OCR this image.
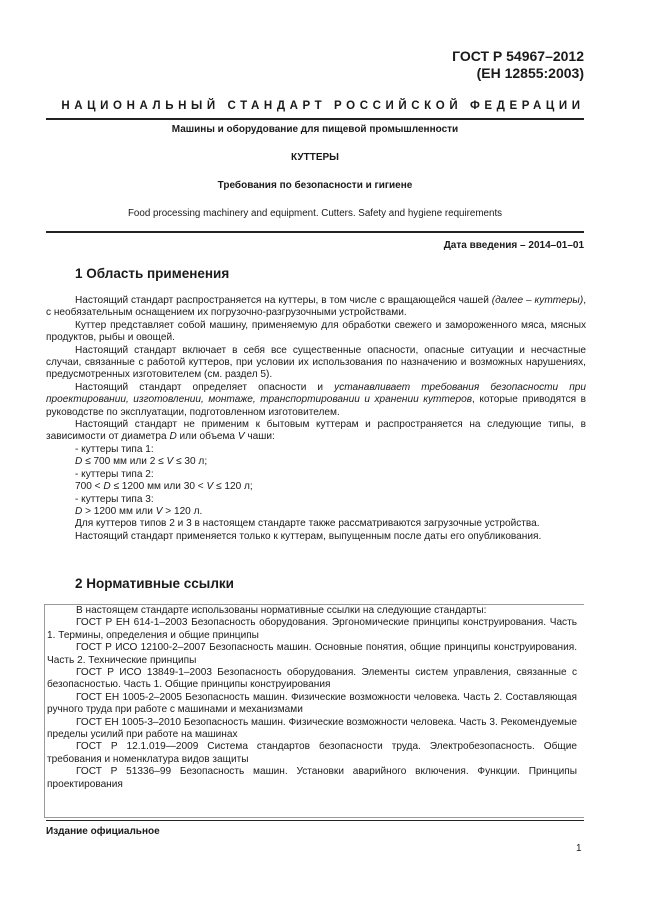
ГОСТ Р 54967–2012
(ЕН 12855:2003)
НАЦИОНАЛЬНЫЙ СТАНДАРТ РОССИЙСКОЙ ФЕДЕРАЦИИ
Машины и оборудование для пищевой промышленности
КУТТЕРЫ
Требования по безопасности и гигиене
Food processing machinery and equipment. Cutters. Safety and hygiene requirements
Дата введения – 2014–01–01
1 Область применения

Настоящий стандарт распространяется на куттеры, в том числе с вращающейся чашей (далее – куттеры), с необязательным оснащением их погрузочно-разгрузочными устройствами.

Куттер представляет собой машину, применяемую для обработки свежего и замороженного мяса, мясных продуктов, рыбы и овощей.

Настоящий стандарт включает в себя все существенные опасности, опасные ситуации и несчастные случаи, связанные с работой куттеров, при условии их использования по назначению и возможных нарушениях, предусмотренных изготовителем (см. раздел 5).

Настоящий стандарт определяет опасности и устанавливает требования безопасности при проектировании, изготовлении, монтаже, транспортировании и хранении куттеров, которые приводятся в руководстве по эксплуатации, подготовленном изготовителем.

Настоящий стандарт не применим к бытовым куттерам и распространяется на следующие типы, в зависимости от диаметра D или объема V чаши:

- куттеры типа 1:

D ≤ 700 мм или 2 ≤ V ≤ 30 л;

- куттеры типа 2:

700 < D ≤ 1200 мм или 30 < V ≤ 120 л;

- куттеры типа 3:

D > 1200 мм или V > 120 л.

Для куттеров типов 2 и 3 в настоящем стандарте также рассматриваются загрузочные устройства.

Настоящий стандарт применяется только к куттерам, выпущенным после даты его опубликования.

2 Нормативные ссылки

В настоящем стандарте использованы нормативные ссылки на следующие стандарты:

ГОСТ Р ЕН 614-1–2003 Безопасность оборудования. Эргономические принципы конструирования. Часть 1. Термины, определения и общие принципы

ГОСТ Р ИСО 12100-2–2007 Безопасность машин. Основные понятия, общие принципы конструирования. Часть 2. Технические принципы

ГОСТ Р ИСО 13849-1–2003 Безопасность оборудования. Элементы систем управления, связанные с безопасностью. Часть 1. Общие принципы конструирования

ГОСТ ЕН 1005-2–2005 Безопасность машин. Физические возможности человека. Часть 2. Составляющая ручного труда при работе с машинами и механизмами

ГОСТ ЕН 1005-3–2010 Безопасность машин. Физические возможности человека. Часть 3. Рекомендуемые пределы усилий при работе на машинах

ГОСТ Р 12.1.019—2009 Система стандартов безопасности труда. Электробезопасность. Общие требования и номенклатура видов защиты

ГОСТ Р 51336–99 Безопасность машин. Установки аварийного включения. Функции. Принципы проектирования

Издание официальное
1
